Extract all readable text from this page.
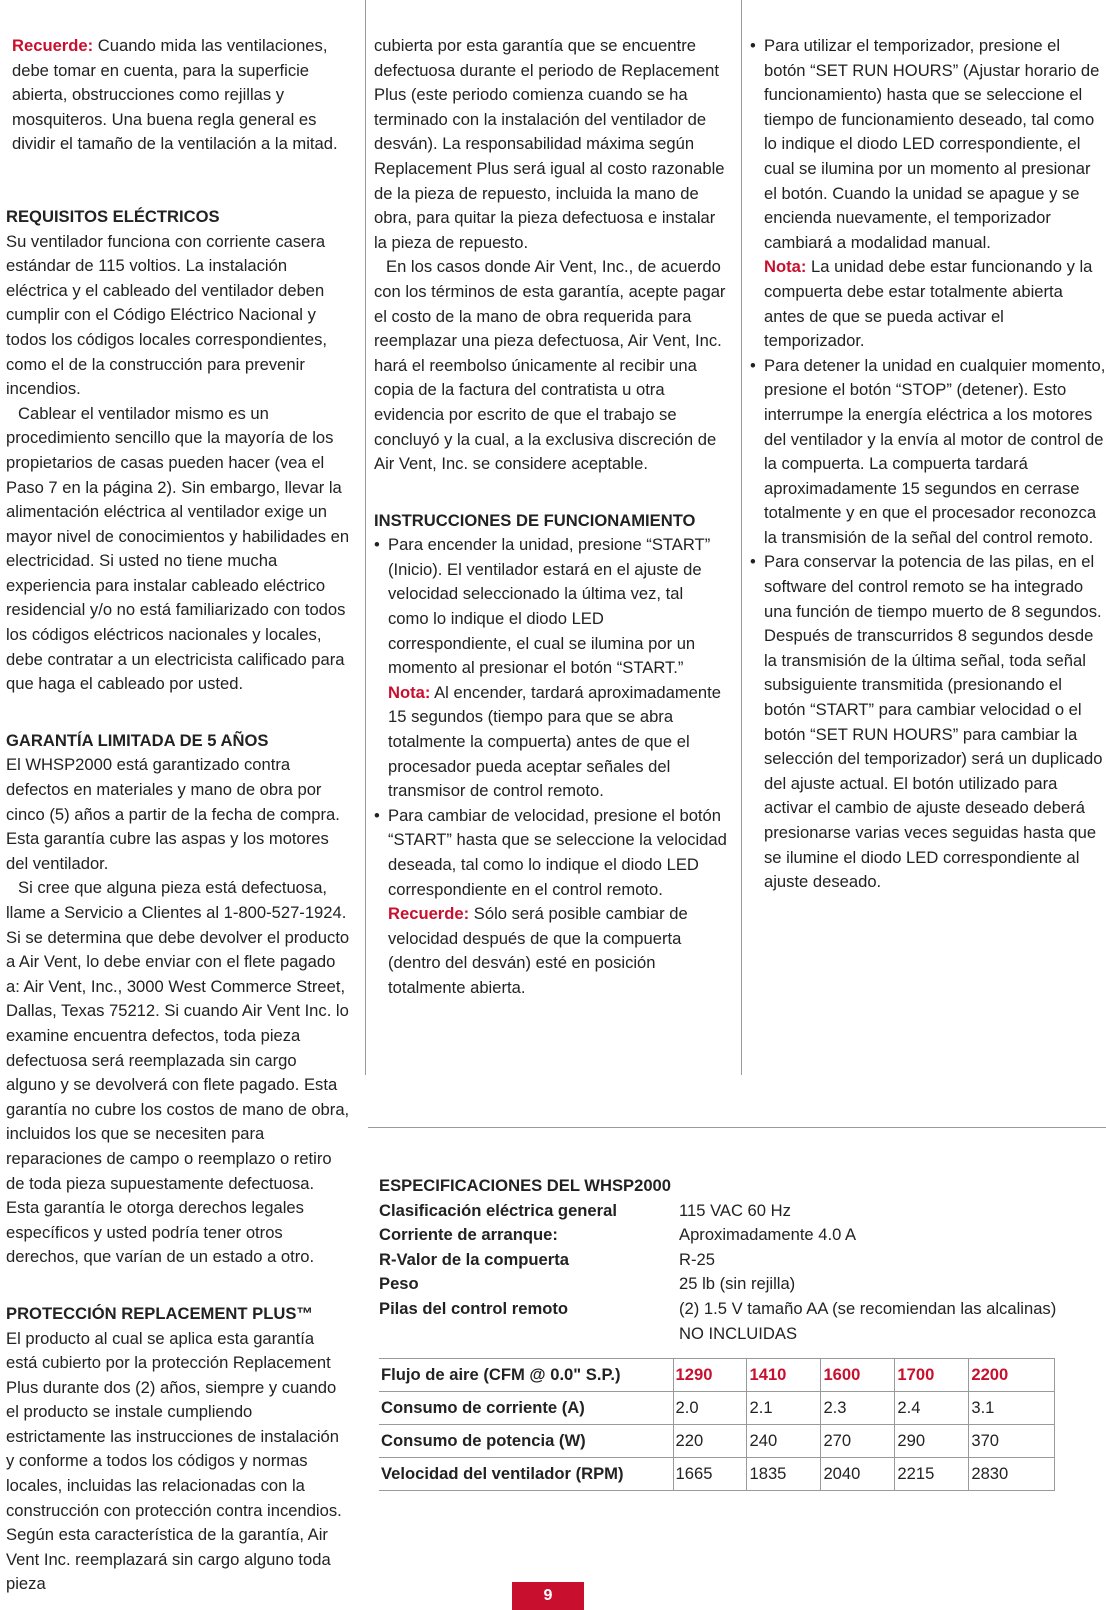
Recuerde: Cuando mida las ventilaciones, debe tomar en cuenta, para la superficie abierta, obstrucciones como rejillas y mosquiteros. Una buena regla general es dividir el tamaño de la ventilación a la mitad.

REQUISITOS ELÉCTRICOS

Su ventilador funciona con corriente casera estándar de 115 voltios. La instalación eléctrica y el cableado del ventilador deben cumplir con el Código Eléctrico Nacional y todos los códigos locales correspondientes, como el de la construcción para prevenir incendios.

Cablear el ventilador mismo es un procedimiento sencillo que la mayoría de los propietarios de casas pueden hacer (vea el Paso 7 en la página 2). Sin embargo, llevar la alimentación eléctrica al ventilador exige un mayor nivel de conocimientos y habilidades en electricidad. Si usted no tiene mucha experiencia para instalar cableado eléctrico residencial y/o no está familiarizado con todos los códigos eléctricos nacionales y locales, debe contratar a un electricista calificado para que haga el cableado por usted.

GARANTÍA LIMITADA DE 5 AÑOS

El WHSP2000 está garantizado contra defectos en materiales y mano de obra por cinco (5) años a partir de la fecha de compra. Esta garantía cubre las aspas y los motores del ventilador.

Si cree que alguna pieza está defectuosa, llame a Servicio a Clientes al 1-800-527-1924. Si se determina que debe devolver el producto a Air Vent, lo debe enviar con el flete pagado a: Air Vent, Inc., 3000 West Commerce Street, Dallas, Texas 75212. Si cuando Air Vent Inc. lo examine encuentra defectos, toda pieza defectuosa será reemplazada sin cargo alguno y se devolverá con flete pagado. Esta garantía no cubre los costos de mano de obra, incluidos los que se necesiten para reparaciones de campo o reemplazo o retiro de toda pieza supuestamente defectuosa. Esta garantía le otorga derechos legales específicos y usted podría tener otros derechos, que varían de un estado a otro.

PROTECCIÓN REPLACEMENT PLUS™

El producto al cual se aplica esta garantía está cubierto por la protección Replacement Plus durante dos (2) años, siempre y cuando el producto se instale cumpliendo estrictamente las instrucciones de instalación y conforme a todos los códigos y normas locales, incluidas las relacionadas con la construcción con protección contra incendios. Según esta característica de la garantía, Air Vent Inc. reemplazará sin cargo alguno toda pieza

cubierta por esta garantía que se encuentre defectuosa durante el periodo de Replacement Plus (este periodo comienza cuando se ha terminado con la instalación del ventilador de desván). La responsabilidad máxima según Replacement Plus será igual al costo razonable de la pieza de repuesto, incluida la mano de obra, para quitar la pieza defectuosa e instalar la pieza de repuesto.

En los casos donde Air Vent, Inc., de acuerdo con los términos de esta garantía, acepte pagar el costo de la mano de obra requerida para reemplazar una pieza defectuosa, Air Vent, Inc. hará el reembolso únicamente al recibir una copia de la factura del contratista u otra evidencia por escrito de que el trabajo se concluyó y la cual, a la exclusiva discreción de Air Vent, Inc. se considere aceptable.

INSTRUCCIONES DE FUNCIONAMIENTO

• Para encender la unidad, presione “START” (Inicio). El ventilador estará en el ajuste de velocidad seleccionado la última vez, tal como lo indique el diodo LED correspondiente, el cual se ilumina por un momento al presionar el botón “START.”
Nota: Al encender, tardará aproximadamente 15 segundos (tiempo para que se abra totalmente la compuerta) antes de que el procesador pueda aceptar señales del transmisor de control remoto.
• Para cambiar de velocidad, presione el botón “START” hasta que se seleccione la velocidad deseada, tal como lo indique el diodo LED correspondiente en el control remoto.
Recuerde: Sólo será posible cambiar de velocidad después de que la compuerta (dentro del desván) esté en posición totalmente abierta.
• Para utilizar el temporizador, presione el botón “SET RUN HOURS” (Ajustar horario de funcionamiento) hasta que se seleccione el tiempo de funcionamiento deseado, tal como lo indique el diodo LED correspondiente, el cual se ilumina por un momento al presionar el botón. Cuando la unidad se apague y se encienda nuevamente, el temporizador cambiará a modalidad manual.
Nota: La unidad debe estar funcionando y la compuerta debe estar totalmente abierta antes de que se pueda activar el temporizador.
• Para detener la unidad en cualquier momento, presione el botón “STOP” (detener). Esto interrumpe la energía eléctrica a los motores del ventilador y la envía al motor de control de la compuerta. La compuerta tardará aproximadamente 15 segundos en cerrase totalmente y en que el procesador reconozca la transmisión de la señal del control remoto.
• Para conservar la potencia de las pilas, en el software del control remoto se ha integrado una función de tiempo muerto de 8 segundos. Después de transcurridos 8 segundos desde la transmisión de la última señal, toda señal subsiguiente transmitida (presionando el botón “START” para cambiar velocidad o el botón “SET RUN HOURS” para cambiar la selección del temporizador) será un duplicado del ajuste actual. El botón utilizado para activar el cambio de ajuste deseado deberá presionarse varias veces seguidas hasta que se ilumine el diodo LED correspondiente al ajuste deseado.

ESPECIFICACIONES DEL WHSP2000

Clasificación eléctrica general	115 VAC 60 Hz
Corriente de arranque:	Aproximadamente 4.0 A
R-Valor de la compuerta	R-25
Peso	25 lb (sin rejilla)
Pilas del control remoto	(2) 1.5 V tamaño AA (se recomiendan las alcalinas)
NO INCLUIDAS
Flujo de aire (CFM @ 0.0" S.P.)	1290	1410	1600	1700	2200
Consumo de corriente (A)	2.0	2.1	2.3	2.4	3.1
Consumo de potencia (W)	220	240	270	290	370
Velocidad del ventilador (RPM)	1665	1835	2040	2215	2830
9
